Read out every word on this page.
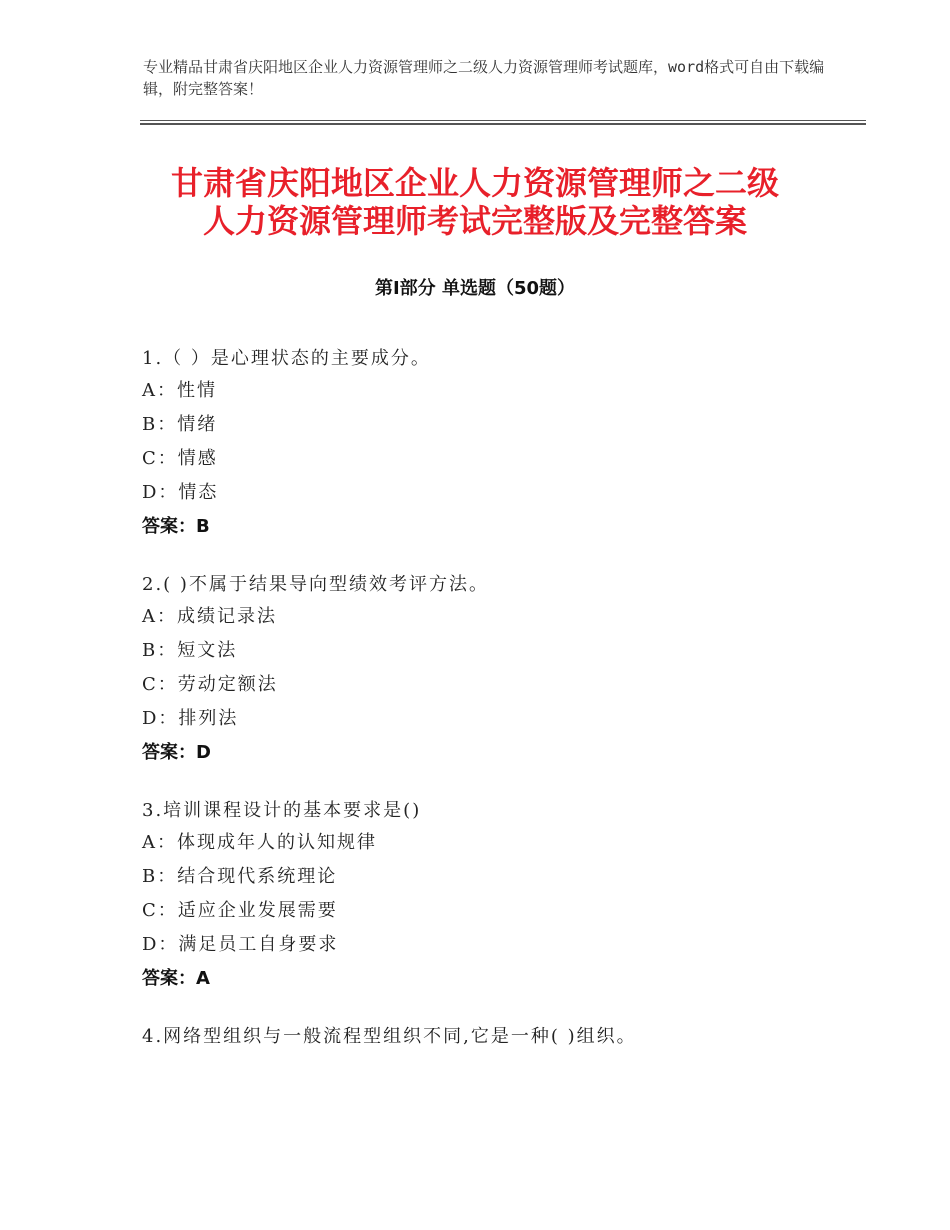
专业精品甘肃省庆阳地区企业人力资源管理师之二级人力资源管理师考试题库，word格式可自由下载编辑，附完整答案！
甘肃省庆阳地区企业人力资源管理师之二级
人力资源管理师考试完整版及完整答案
第Ⅰ部分 单选题（50题）
1.（ ）是心理状态的主要成分。
A：性情
B：情绪
C：情感
D：情态
答案：B
2.( )不属于结果导向型绩效考评方法。
A：成绩记录法
B：短文法
C：劳动定额法
D：排列法
答案：D
3.培训课程设计的基本要求是()
A：体现成年人的认知规律
B：结合现代系统理论
C：适应企业发展需要
D：满足员工自身要求
答案：A
4.网络型组织与一般流程型组织不同,它是一种( )组织。
